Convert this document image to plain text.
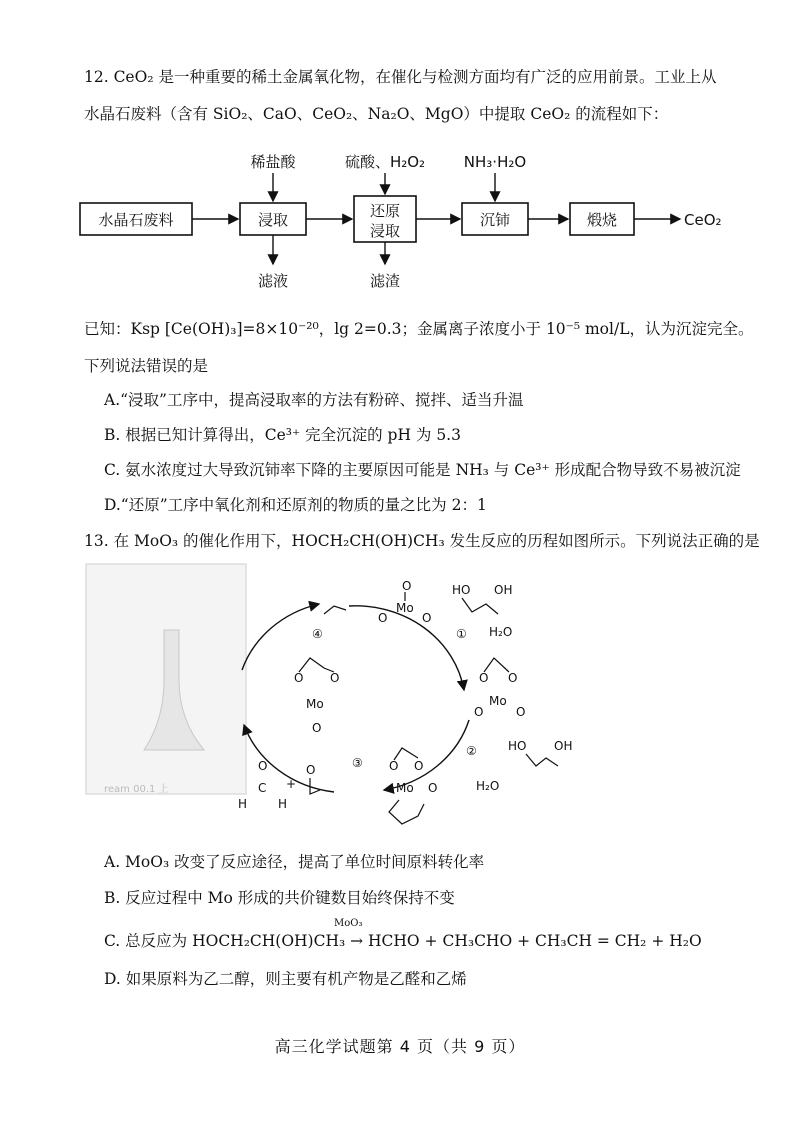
12. CeO₂ 是一种重要的稀土金属氧化物，在催化与检测方面均有广泛的应用前景。工业上从
水晶石废料（含有 SiO₂、CaO、CeO₂、Na₂O、MgO）中提取 CeO₂ 的流程如下：
水晶石废料	浸取
稀盐酸
滤液
还原
浸取
硫酸、H₂O₂
滤渣
沉铈
NH₃·H₂O
煅烧	CeO₂
已知：Ksp [Ce(OH)₃]=8×10⁻²⁰，lg 2=0.3；金属离子浓度小于 10⁻⁵ mol/L，认为沉淀完全。
下列说法错误的是
A.“浸取”工序中，提高浸取率的方法有粉碎、搅拌、适当升温
B. 根据已知计算得出，Ce³⁺ 完全沉淀的 pH 为 5.3
C. 氨水浓度过大导致沉铈率下降的主要原因可能是 NH₃ 与 Ce³⁺ 形成配合物导致不易被沉淀
D.“还原”工序中氧化剂和还原剂的物质的量之比为 2：1
13. 在 MoO₃ 的催化作用下，HOCH₂CH(OH)CH₃ 发生反应的历程如图所示。下列说法正确的是
ream 00.1 上
O
Mo
O	O
HO OH
① H₂O
O O
Mo
O	O
②	HO OH
H₂O
O O
Mo O
③
O
C
H	H
+
O
O O
Mo
O
④
A. MoO₃ 改变了反应途径，提高了单位时间原料转化率
B. 反应过程中 Mo 形成的共价键数目始终保持不变
MoO₃
C. 总反应为 HOCH₂CH(OH)CH₃ → HCHO + CH₃CHO + CH₃CH = CH₂ + H₂O
D. 如果原料为乙二醇，则主要有机产物是乙醛和乙烯
高三化学试题第 4 页（共 9 页）
